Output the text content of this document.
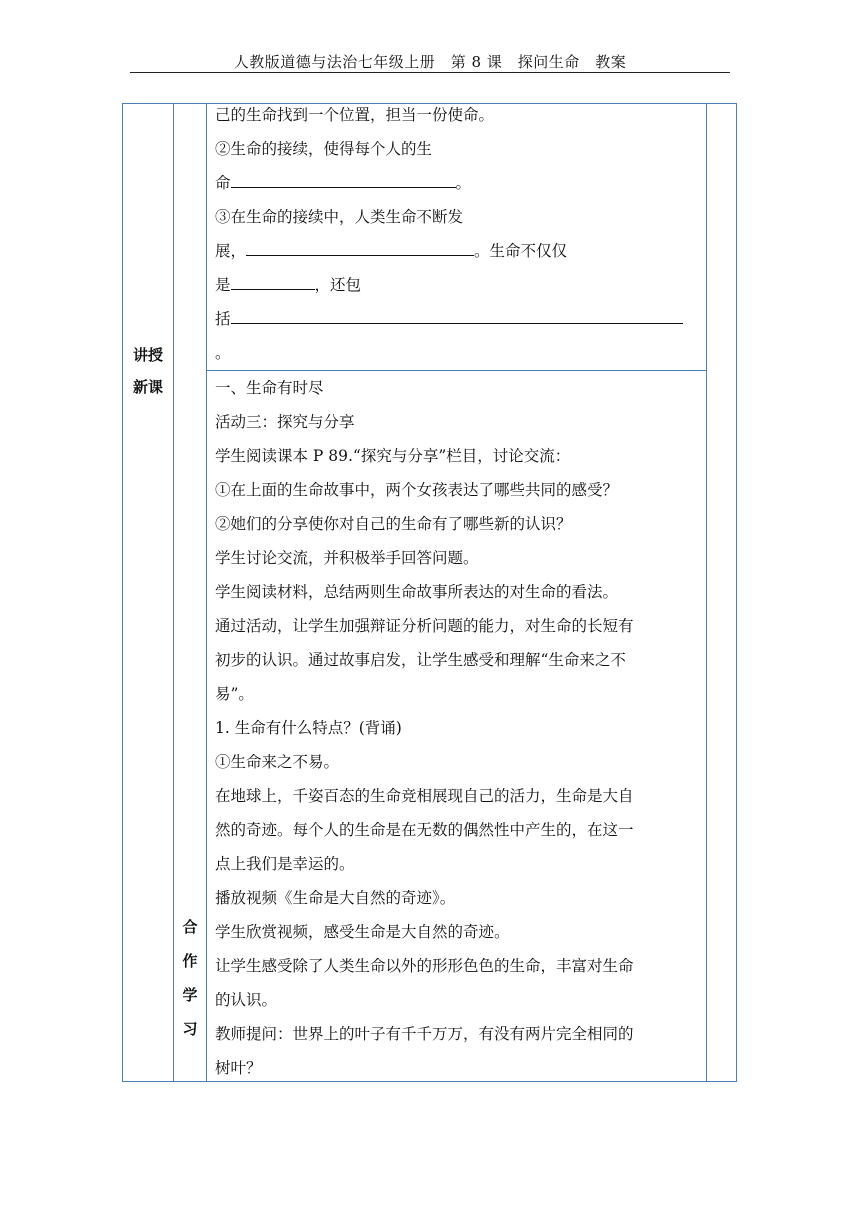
人教版道德与法治七年级上册　第 8 课　探问生命　教案
讲授
新课
合
作
学
习

己的生命找到一个位置，担当一份使命。

②生命的接续，使得每个人的生

命	。

③在生命的接续中，人类生命不断发

展，	。生命不仅仅

是	，还包

括

。

一、生命有时尽

活动三：探究与分享

学生阅读课本 P 89.“探究与分享”栏目，讨论交流：

①在上面的生命故事中，两个女孩表达了哪些共同的感受？

②她们的分享使你对自己的生命有了哪些新的认识？

学生讨论交流，并积极举手回答问题。

学生阅读材料，总结两则生命故事所表达的对生命的看法。

通过活动，让学生加强辩证分析问题的能力，对生命的长短有

初步的认识。通过故事启发，让学生感受和理解“生命来之不

易”。

1. 生命有什么特点？(背诵)

①生命来之不易。

在地球上，千姿百态的生命竞相展现自己的活力，生命是大自

然的奇迹。每个人的生命是在无数的偶然性中产生的，在这一

点上我们是幸运的。

播放视频《生命是大自然的奇迹》。

学生欣赏视频，感受生命是大自然的奇迹。

让学生感受除了人类生命以外的形形色色的生命，丰富对生命

的认识。

教师提问：世界上的叶子有千千万万，有没有两片完全相同的

树叶？
